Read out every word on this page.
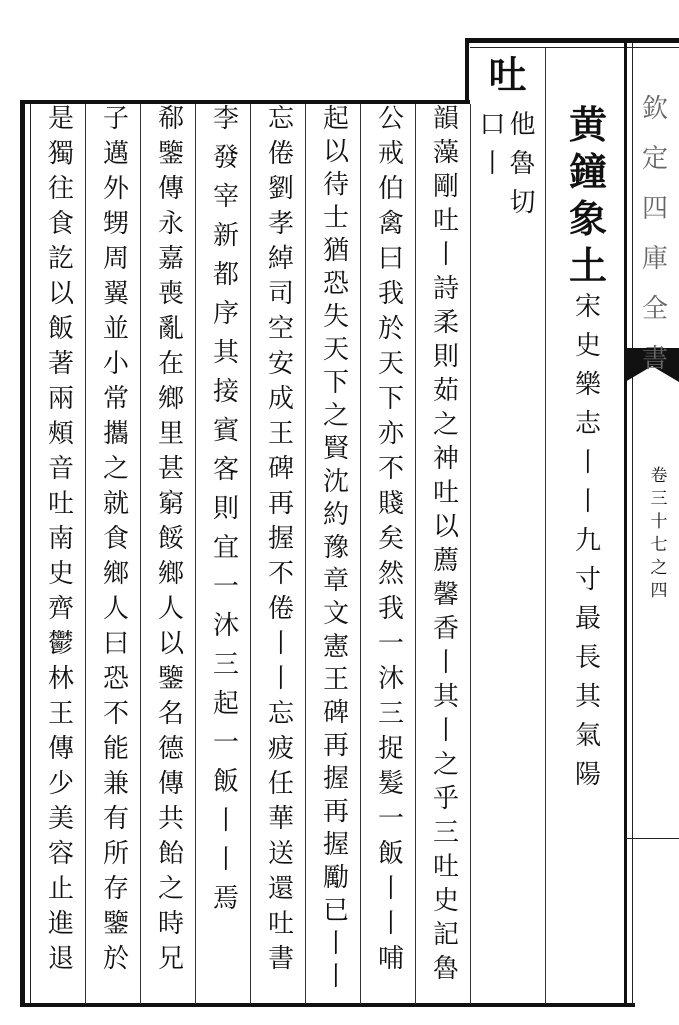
欽
定
四
庫
全
書
卷
三
十
七
之
四
吐
他
魯
切
口
丨
黄
鐘
象
土
宋
史
樂
志
丨
丨
九
寸
最
長
其
氣
陽
韻
藻
剛
吐
丨
詩
柔
則
茹
之
神
吐
以
薦
馨
香
丨
其
丨
之
乎
三
吐
史
記
魯
公
戒
伯
禽
曰
我
於
天
下
亦
不
賤
矣
然
我
一
沐
三
捉
髮
一
飯
丨
丨
哺
起
以
待
士
猶
恐
失
天
下
之
賢
沈
約
豫
章
文
憲
王
碑
再
握
再
握
勵
已
丨
丨
忘
倦
劉
孝
綽
司
空
安
成
王
碑
再
握
不
倦
丨
丨
忘
疲
任
華
送
還
吐
書
李
發
宰
新
都
序
其
接
賓
客
則
宜
一
沐
三
起
一
飯
丨
丨
焉
郗
鑒
傳
永
嘉
喪
亂
在
鄉
里
甚
窮
餒
鄉
人
以
鑒
名
德
傳
共
飴
之
時
兄
子
邁
外
甥
周
翼
並
小
常
攜
之
就
食
鄉
人
曰
恐
不
能
兼
有
所
存
鑒
於
是
獨
往
食
訖
以
飯
著
兩
頰
音
吐
南
史
齊
鬱
林
王
傳
少
美
容
止
進
退
